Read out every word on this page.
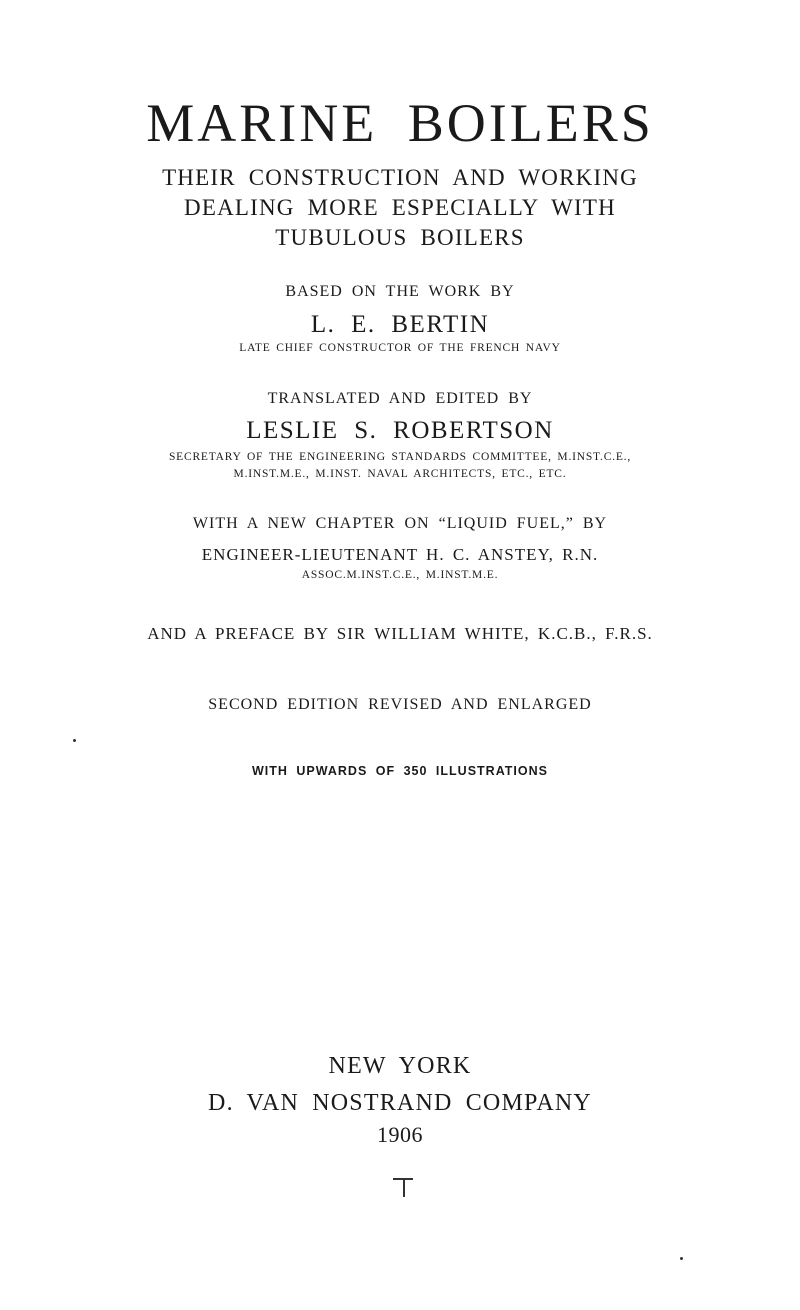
MARINE BOILERS
THEIR CONSTRUCTION AND WORKING
DEALING MORE ESPECIALLY WITH
TUBULOUS BOILERS
BASED ON THE WORK BY
L. E. BERTIN
LATE CHIEF CONSTRUCTOR OF THE FRENCH NAVY
TRANSLATED AND EDITED BY
LESLIE S. ROBERTSON
SECRETARY OF THE ENGINEERING STANDARDS COMMITTEE, M.INST.C.E.,
M.INST.M.E., M.INST. NAVAL ARCHITECTS, ETC., ETC.
WITH A NEW CHAPTER ON “LIQUID FUEL,” BY
ENGINEER-LIEUTENANT H. C. ANSTEY, R.N.
ASSOC.M.INST.C.E., M.INST.M.E.
AND A PREFACE BY SIR WILLIAM WHITE, K.C.B., F.R.S.
SECOND EDITION REVISED AND ENLARGED
WITH UPWARDS OF 350 ILLUSTRATIONS
NEW YORK
D. VAN NOSTRAND COMPANY
1906
